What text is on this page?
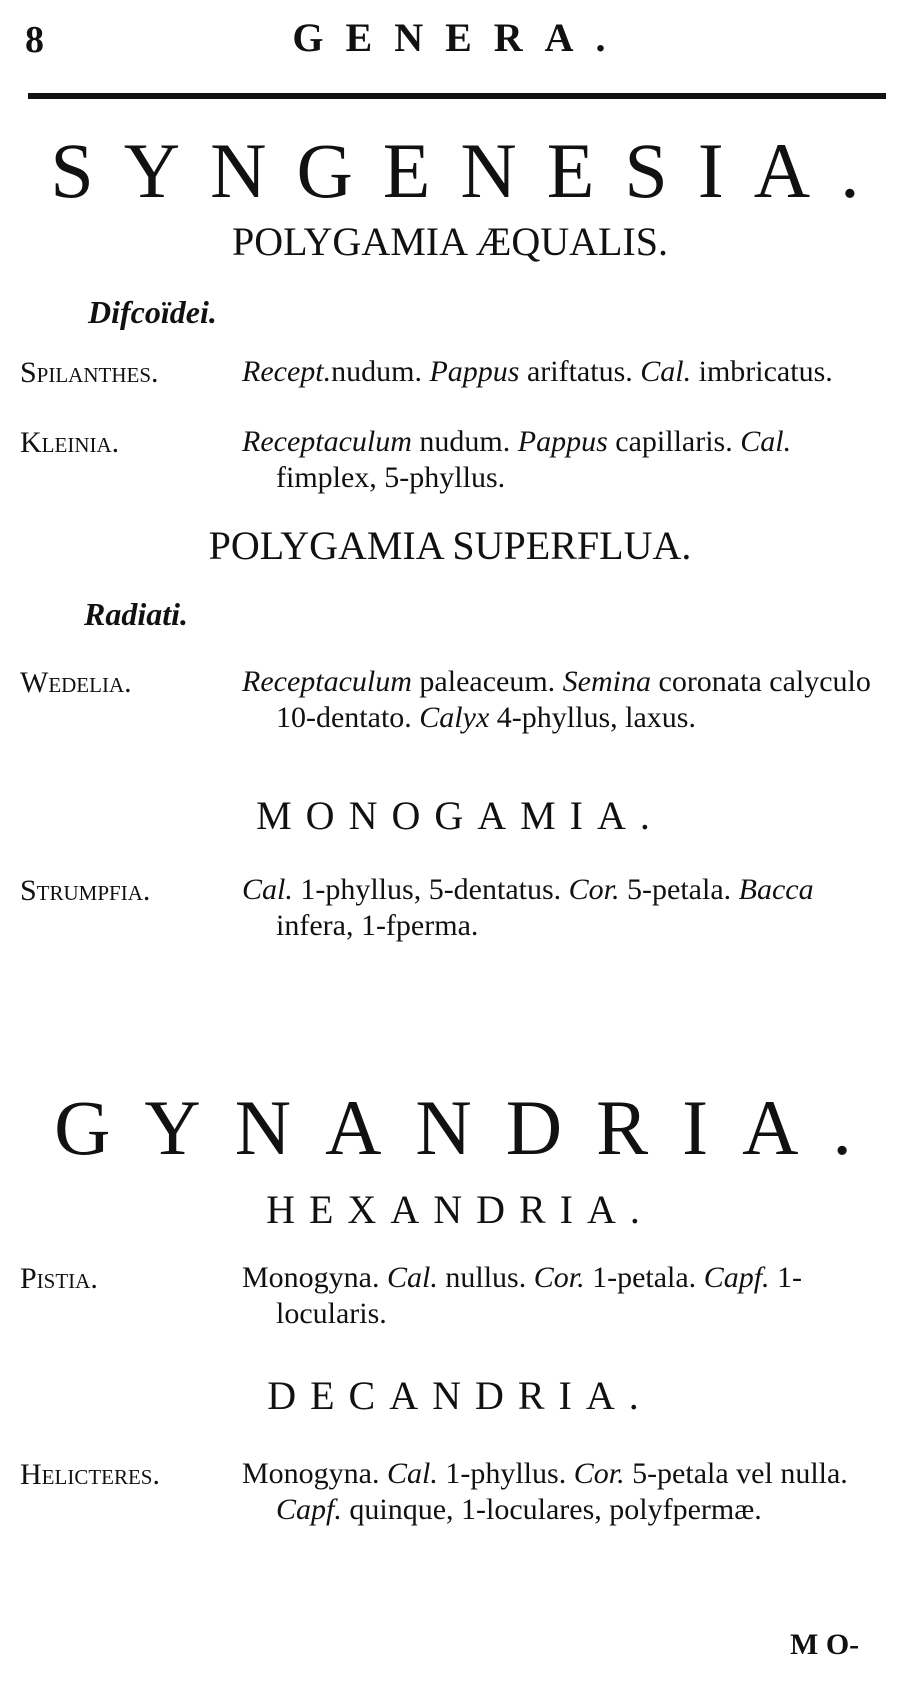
8	GENERA.
SYNGENESIA.
POLYGAMIA ÆQUALIS.
Difcoïdei.
Spilanthes.	Recept.nudum. Pappus ariftatus. Cal. imbricatus.
Kleinia.	Receptaculum nudum. Pappus capillaris. Cal. fimplex, 5-phyllus.
POLYGAMIA SUPERFLUA.
Radiati.
Wedelia.	Receptaculum paleaceum. Semina coronata calyculo 10-dentato. Calyx 4-phyllus, laxus.
MONOGAMIA.
Strumpfia.	Cal. 1-phyllus, 5-dentatus. Cor. 5-petala. Bacca infera, 1-fperma.
GYNANDRIA.
HEXANDRIA.
Pistia.	Monogyna. Cal. nullus. Cor. 1-petala. Capf. 1-locularis.
DECANDRIA.
Helicteres.	Monogyna. Cal. 1-phyllus. Cor. 5-petala vel nulla. Capf. quinque, 1-loculares, polyfpermæ.
M O-
